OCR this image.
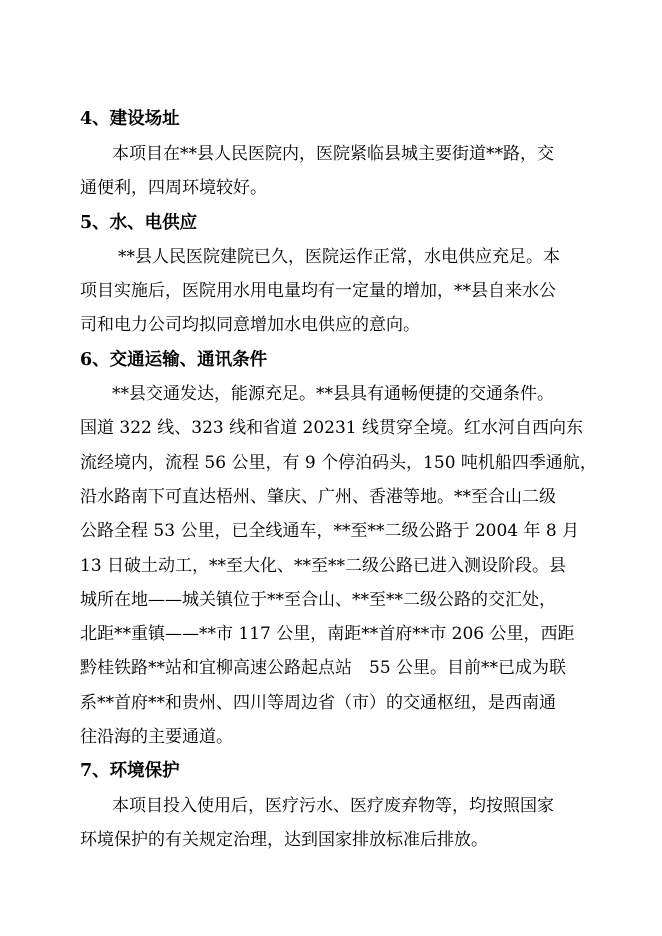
4、建设场址
本项目在**县人民医院内，医院紧临县城主要街道**路，交
通便利，四周环境较好。
5、水、电供应
**县人民医院建院已久，医院运作正常，水电供应充足。本
项目实施后，医院用水用电量均有一定量的增加，**县自来水公
司和电力公司均拟同意增加水电供应的意向。
6、交通运输、通讯条件
**县交通发达，能源充足。**县具有通畅便捷的交通条件。
国道 322 线、323 线和省道 20231 线贯穿全境。红水河自西向东
流经境内，流程 56 公里，有 9 个停泊码头，150 吨机船四季通航，
沿水路南下可直达梧州、肇庆、广州、香港等地。**至合山二级
公路全程 53 公里，已全线通车，**至**二级公路于 2004 年 8 月
13 日破土动工，**至大化、**至**二级公路已进入测设阶段。县
城所在地——城关镇位于**至合山、**至**二级公路的交汇处，
北距**重镇——**市 117 公里，南距**首府**市 206 公里，西距
黔桂铁路**站和宜柳高速公路起点站　55 公里。目前**已成为联
系**首府**和贵州、四川等周边省（市）的交通枢纽，是西南通
往沿海的主要通道。
7、环境保护
本项目投入使用后，医疗污水、医疗废弃物等，均按照国家
环境保护的有关规定治理，达到国家排放标准后排放。
